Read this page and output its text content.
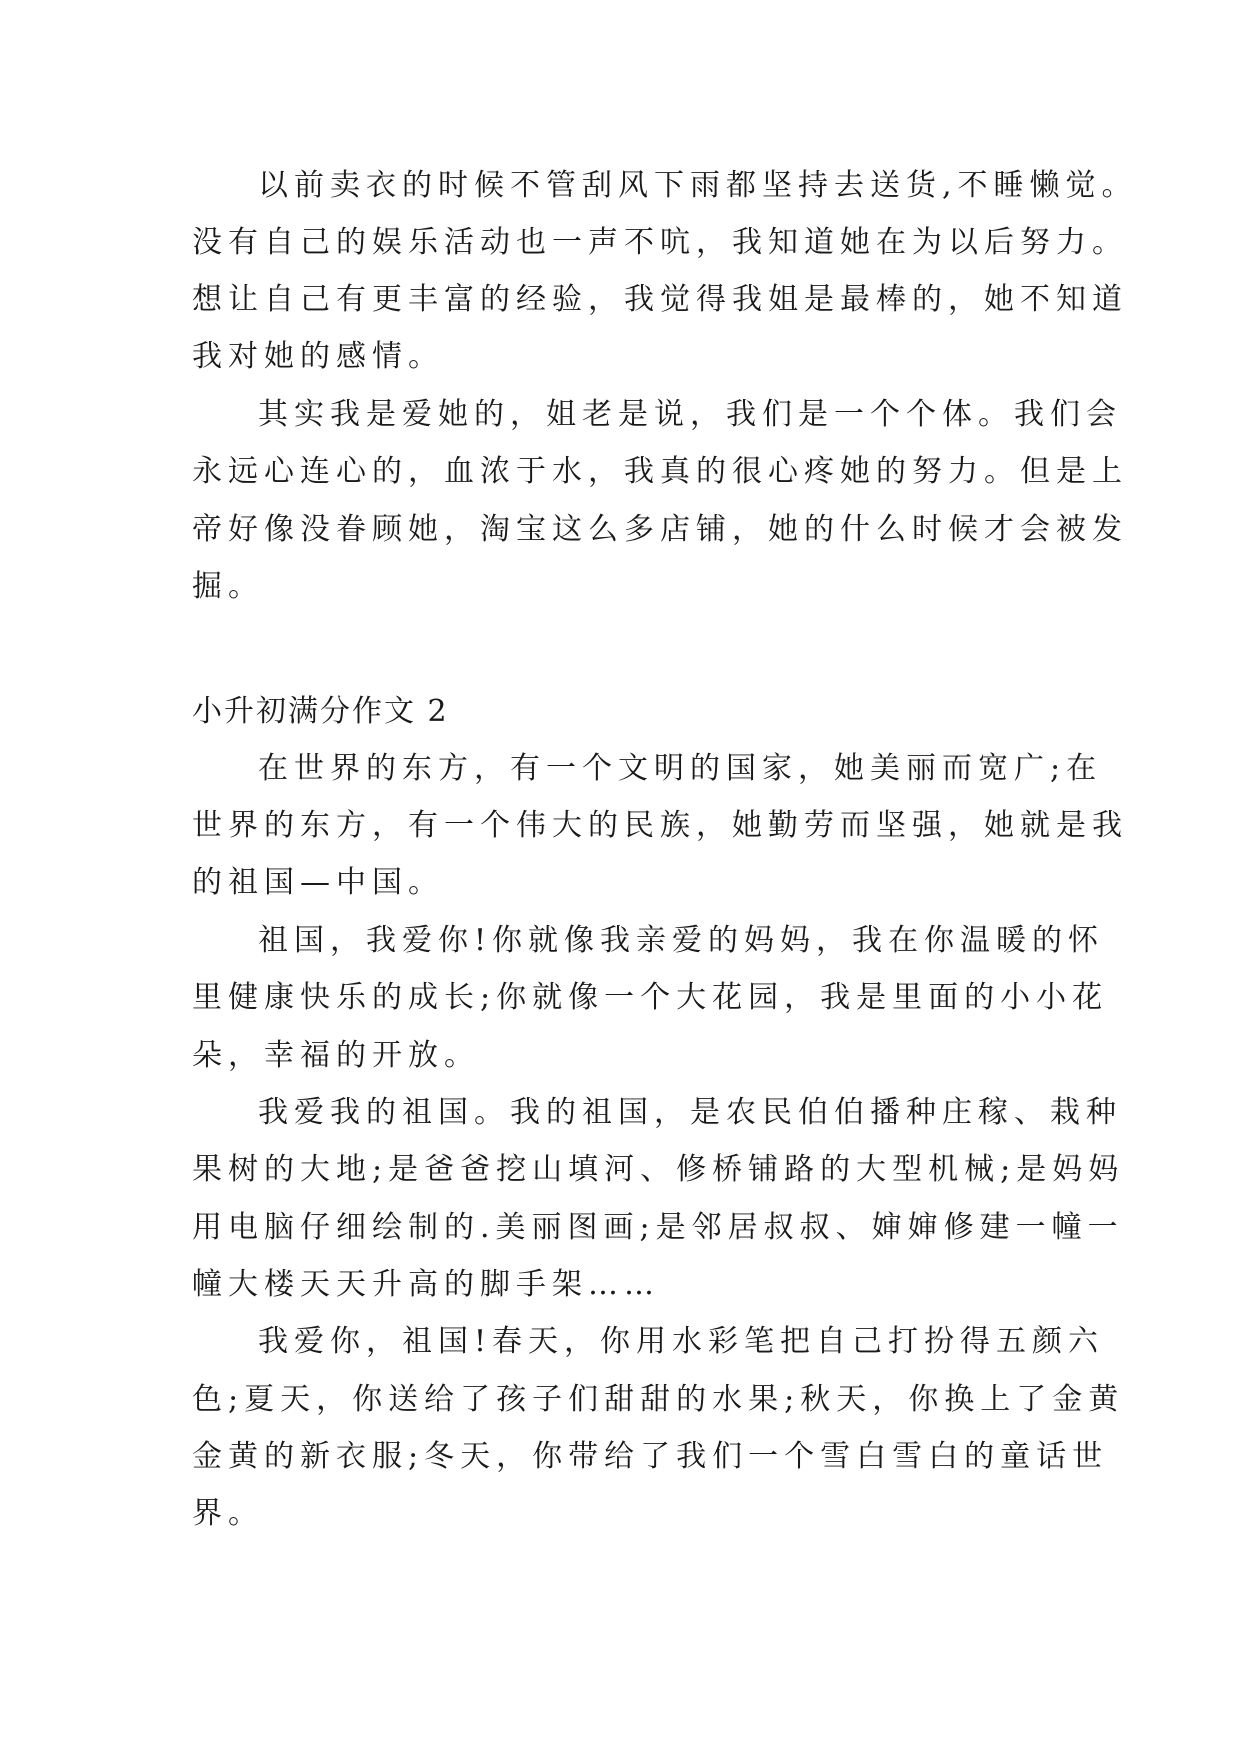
以前卖衣的时候不管刮风下雨都坚持去送货,不睡懒觉。
没有自己的娱乐活动也一声不吭，我知道她在为以后努力。
想让自己有更丰富的经验，我觉得我姐是最棒的，她不知道
我对她的感情。
其实我是爱她的，姐老是说，我们是一个个体。我们会
永远心连心的，血浓于水，我真的很心疼她的努力。但是上
帝好像没眷顾她，淘宝这么多店铺，她的什么时候才会被发
掘。
小升初满分作文 2
在世界的东方，有一个文明的国家，她美丽而宽广;在
世界的东方，有一个伟大的民族，她勤劳而坚强，她就是我
的祖国—中国。
祖国，我爱你!你就像我亲爱的妈妈，我在你温暖的怀
里健康快乐的成长;你就像一个大花园，我是里面的小小花
朵，幸福的开放。
我爱我的祖国。我的祖国，是农民伯伯播种庄稼、栽种
果树的大地;是爸爸挖山填河、修桥铺路的大型机械;是妈妈
用电脑仔细绘制的.美丽图画;是邻居叔叔、婶婶修建一幢一
幢大楼天天升高的脚手架……
我爱你，祖国!春天，你用水彩笔把自己打扮得五颜六
色;夏天，你送给了孩子们甜甜的水果;秋天，你换上了金黄
金黄的新衣服;冬天，你带给了我们一个雪白雪白的童话世
界。
